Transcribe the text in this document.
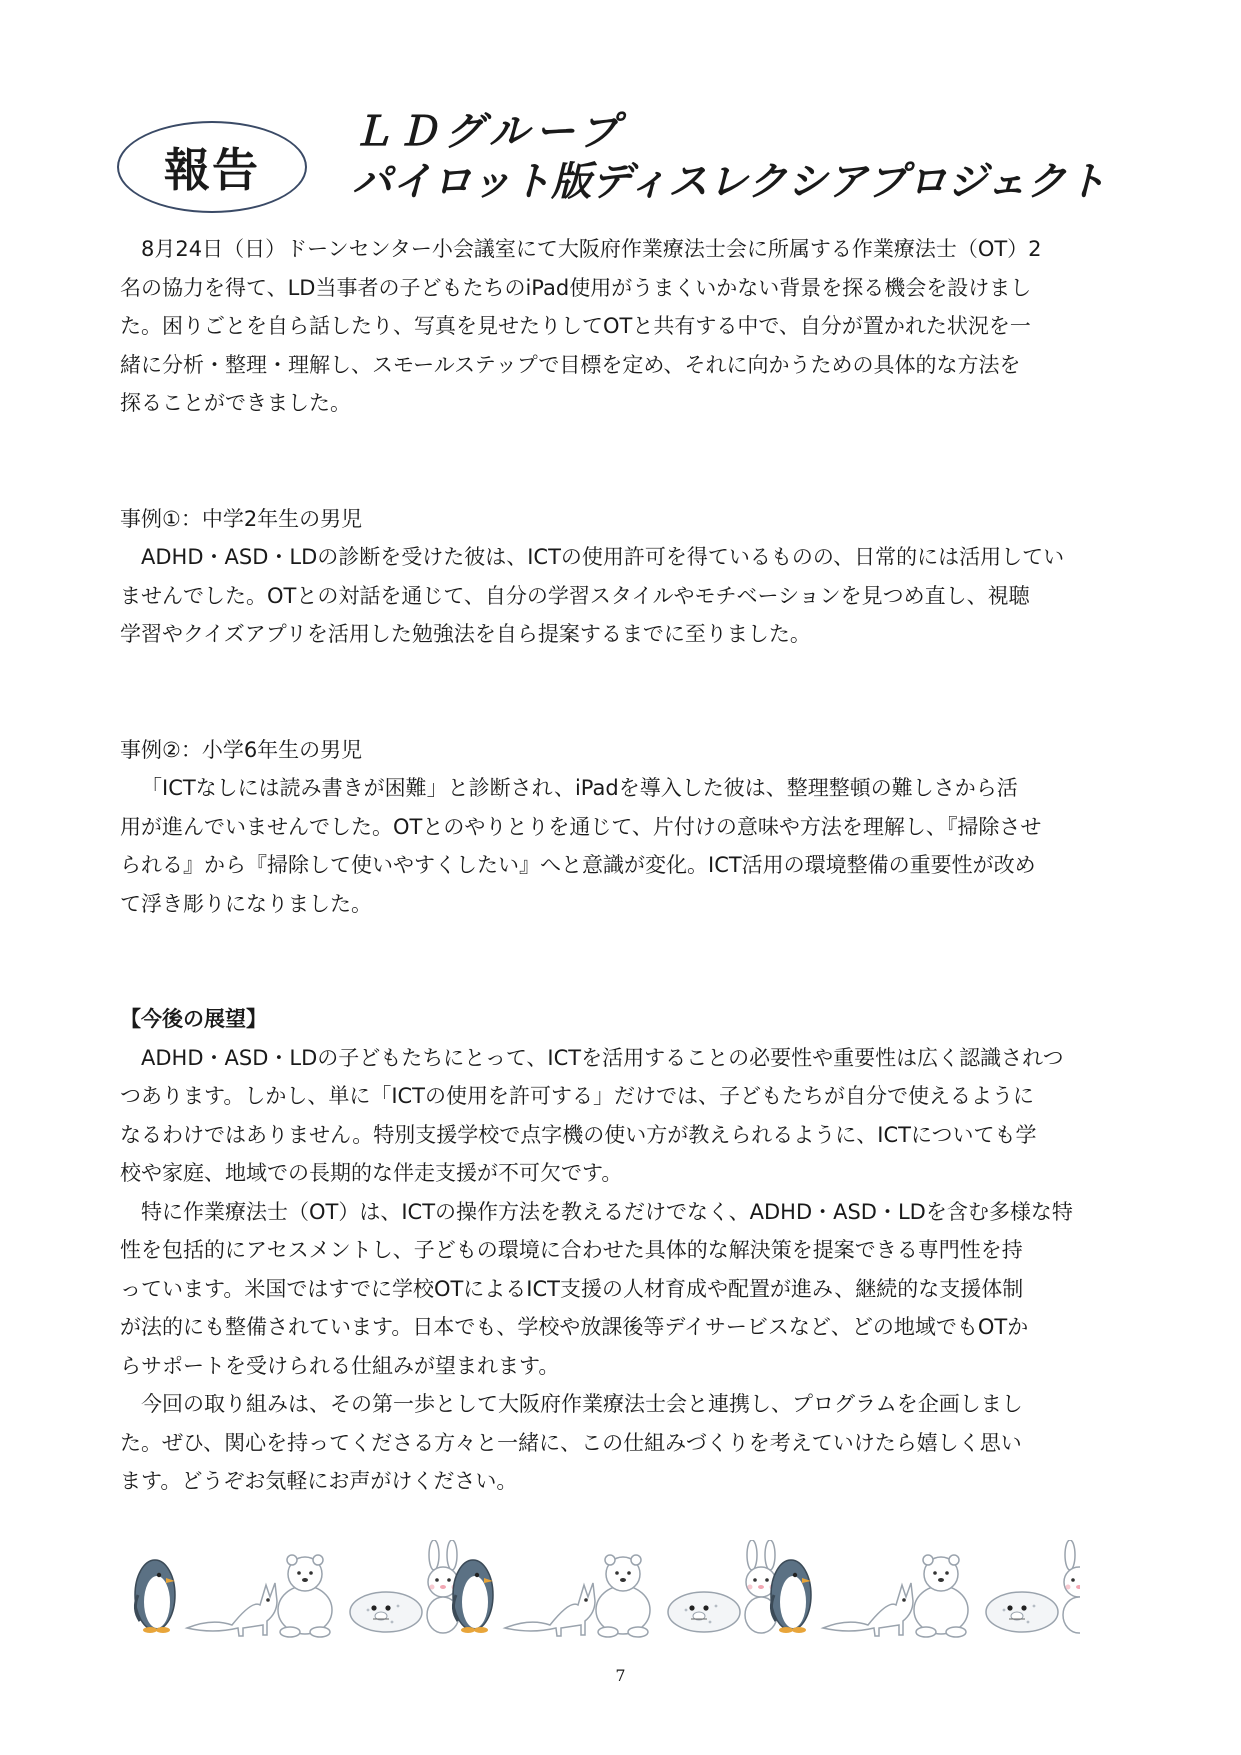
報告
ＬＤグループ
パイロット版ディスレクシアプロジェクト

8月24日（日）ドーンセンター小会議室にて大阪府作業療法士会に所属する作業療法士（OT）2

名の協力を得て、LD当事者の子どもたちのiPad使用がうまくいかない背景を探る機会を設けまし

た。困りごとを自ら話したり、写真を見せたりしてOTと共有する中で、自分が置かれた状況を一

緒に分析・整理・理解し、スモールステップで目標を定め、それに向かうための具体的な方法を

探ることができました。

事例①：中学2年生の男児

ADHD・ASD・LDの診断を受けた彼は、ICTの使用許可を得ているものの、日常的には活用してい

ませんでした。OTとの対話を通じて、自分の学習スタイルやモチベーションを見つめ直し、視聴

学習やクイズアプリを活用した勉強法を自ら提案するまでに至りました。

事例②：小学6年生の男児

「ICTなしには読み書きが困難」と診断され、iPadを導入した彼は、整理整頓の難しさから活

用が進んでいませんでした。OTとのやりとりを通じて、片付けの意味や方法を理解し、『掃除させ

られる』から『掃除して使いやすくしたい』へと意識が変化。ICT活用の環境整備の重要性が改め

て浮き彫りになりました。

【今後の展望】

ADHD・ASD・LDの子どもたちにとって、ICTを活用することの必要性や重要性は広く認識されつ

つあります。しかし、単に「ICTの使用を許可する」だけでは、子どもたちが自分で使えるように

なるわけではありません。特別支援学校で点字機の使い方が教えられるように、ICTについても学

校や家庭、地域での長期的な伴走支援が不可欠です。

特に作業療法士（OT）は、ICTの操作方法を教えるだけでなく、ADHD・ASD・LDを含む多様な特

性を包括的にアセスメントし、子どもの環境に合わせた具体的な解決策を提案できる専門性を持

っています。米国ではすでに学校OTによるICT支援の人材育成や配置が進み、継続的な支援体制

が法的にも整備されています。日本でも、学校や放課後等デイサービスなど、どの地域でもOTか

らサポートを受けられる仕組みが望まれます。

今回の取り組みは、その第一歩として大阪府作業療法士会と連携し、プログラムを企画しまし

た。ぜひ、関心を持ってくださる方々と一緒に、この仕組みづくりを考えていけたら嬉しく思い

ます。どうぞお気軽にお声がけください。

7
